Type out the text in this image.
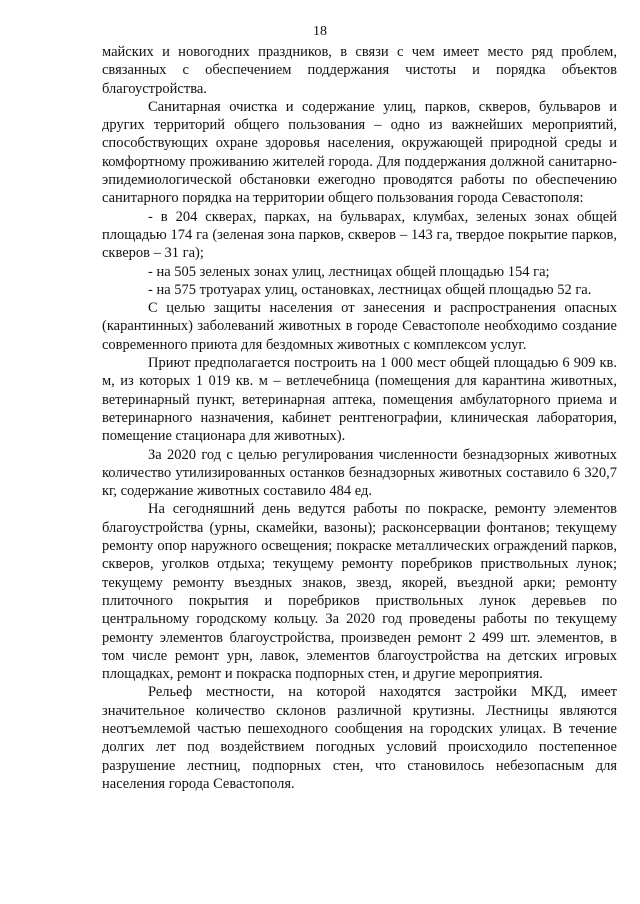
18

майских и новогодних праздников, в связи с чем имеет место ряд проблем, связанных с обеспечением поддержания чистоты и порядка объектов благоустройства.

Санитарная очистка и содержание улиц, парков, скверов, бульваров и других территорий общего пользования – одно из важнейших мероприятий, способствующих охране здоровья населения, окружающей природной среды и комфортному проживанию жителей города. Для поддержания должной санитарно-эпидемиологической обстановки ежегодно проводятся работы по обеспечению санитарного порядка на территории общего пользования города Севастополя:

- в 204 скверах, парках, на бульварах, клумбах, зеленых зонах общей площадью 174 га (зеленая зона парков, скверов – 143 га, твердое покрытие парков, скверов – 31 га);

- на 505 зеленых зонах улиц, лестницах общей площадью 154 га;

- на 575 тротуарах улиц, остановках, лестницах общей площадью 52 га.

С целью защиты населения от занесения и распространения опасных (карантинных) заболеваний животных в городе Севастополе необходимо создание современного приюта для бездомных животных с комплексом услуг.

Приют предполагается построить на 1 000 мест общей площадью 6 909 кв. м, из которых 1 019 кв. м – ветлечебница (помещения для карантина животных, ветеринарный пункт, ветеринарная аптека, помещения амбулаторного приема и ветеринарного назначения, кабинет рентгенографии, клиническая лаборатория, помещение стационара для животных).

За 2020 год с целью регулирования численности безнадзорных животных количество утилизированных останков безнадзорных животных составило 6 320,7 кг, содержание животных составило 484 ед.

На сегодняшний день ведутся работы по покраске, ремонту элементов благоустройства (урны, скамейки, вазоны); расконсервации фонтанов; текущему ремонту опор наружного освещения; покраске металлических ограждений парков, скверов, уголков отдыха; текущему ремонту поребриков приствольных лунок; текущему ремонту въездных знаков, звезд, якорей, въездной арки; ремонту плиточного покрытия и поребриков приствольных лунок деревьев по центральному городскому кольцу. За 2020 год проведены работы по текущему ремонту элементов благоустройства, произведен ремонт 2 499 шт. элементов, в том числе ремонт урн, лавок, элементов благоустройства на детских игровых площадках, ремонт и покраска подпорных стен, и другие мероприятия.

Рельеф местности, на которой находятся застройки МКД, имеет значительное количество склонов различной крутизны. Лестницы являются неотъемлемой частью пешеходного сообщения на городских улицах. В течение долгих лет под воздействием погодных условий происходило постепенное разрушение лестниц, подпорных стен, что становилось небезопасным для населения города Севастополя.
